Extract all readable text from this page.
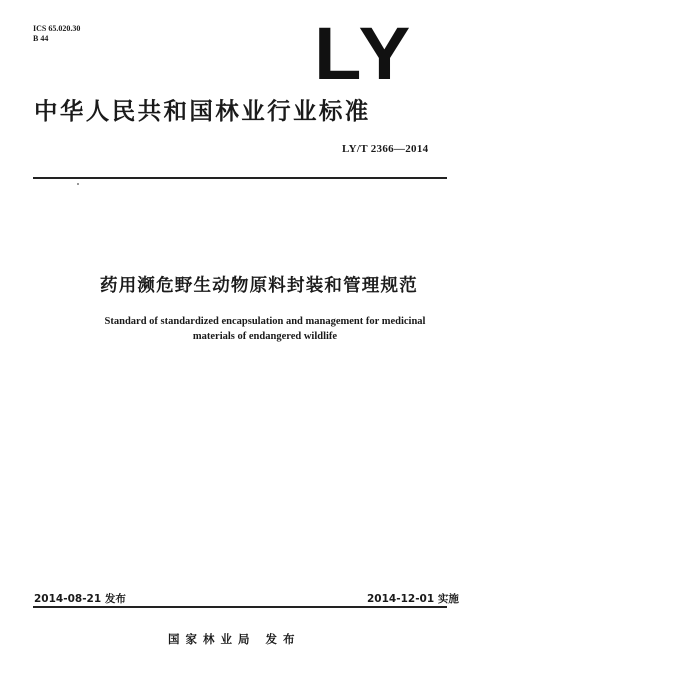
ICS 65.020.30
B 44	LY
中华人民共和国林业行业标准
LY/T 2366—2014
药用濒危野生动物原料封装和管理规范
Standard of standardized encapsulation and management for medicinal
materials of endangered wildlife
2014-08-21 发布	2014-12-01 实施
国家林业局 发布
